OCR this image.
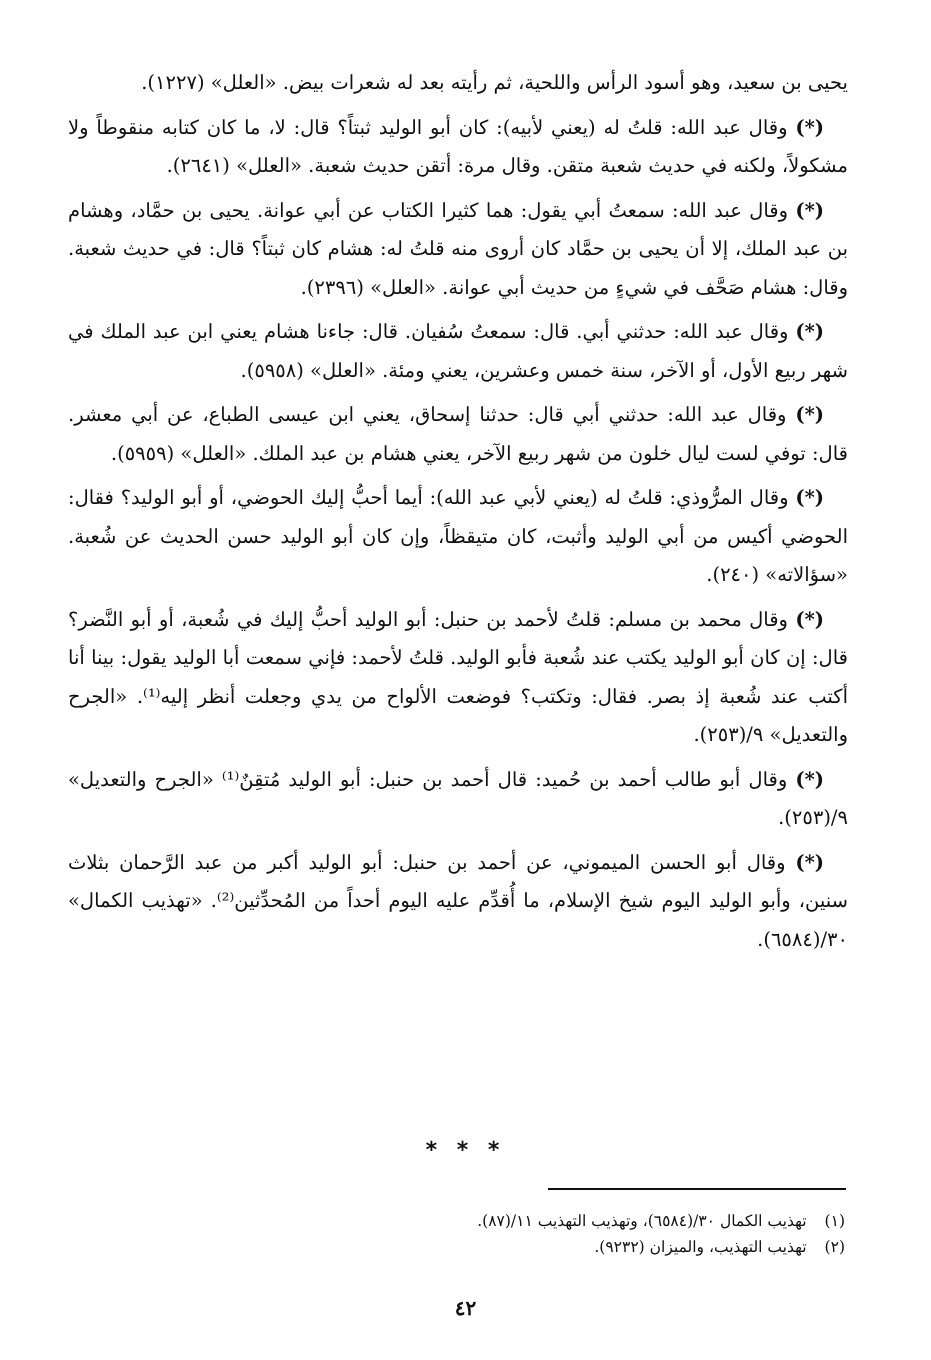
يحيى بن سعيد، وهو أسود الرأس واللحية، ثم رأيته بعد له شعرات بيض. «العلل» (١٢٢٧).

(*) وقال عبد الله: قلتُ له (يعني لأبيه): كان أبو الوليد ثبتاً؟ قال: لا، ما كان كتابه منقوطاً ولا مشكولاً، ولكنه في حديث شعبة متقن. وقال مرة: أتقن حديث شعبة. «العلل» (٢٦٤١).

(*) وقال عبد الله: سمعتُ أبي يقول: هما كثيرا الكتاب عن أبي عوانة. يحيى بن حمَّاد، وهشام بن عبد الملك، إلا أن يحيى بن حمَّاد كان أروى منه قلتُ له: هشام كان ثبتاً؟ قال: في حديث شعبة. وقال: هشام صَحَّف في شيءٍ من حديث أبي عوانة. «العلل» (٢٣٩٦).

(*) وقال عبد الله: حدثني أبي. قال: سمعتُ سُفيان. قال: جاءنا هشام يعني ابن عبد الملك في شهر ربيع الأول، أو الآخر، سنة خمس وعشرين، يعني ومئة. «العلل» (٥٩٥٨).

(*) وقال عبد الله: حدثني أبي قال: حدثنا إسحاق، يعني ابن عيسى الطباع، عن أبي معشر. قال: توفي لست ليال خلون من شهر ربيع الآخر، يعني هشام بن عبد الملك. «العلل» (٥٩٥٩).

(*) وقال المرُّوذي: قلتُ له (يعني لأبي عبد الله): أيما أحبُّ إليك الحوضي، أو أبو الوليد؟ فقال: الحوضي أكيس من أبي الوليد وأثبت، كان متيقظاً، وإن كان أبو الوليد حسن الحديث عن شُعبة. «سؤالاته» (٢٤٠).

(*) وقال محمد بن مسلم: قلتُ لأحمد بن حنبل: أبو الوليد أحبُّ إليك في شُعبة، أو أبو النَّضر؟ قال: إن كان أبو الوليد يكتب عند شُعبة فأبو الوليد. قلتُ لأحمد: فإني سمعت أبا الوليد يقول: بينا أنا أكتب عند شُعبة إذ بصر. فقال: وتكتب؟ فوضعت الألواح من يدي وجعلت أنظر إليه⁽¹⁾. «الجرح والتعديل» ٩/(٢٥٣).

(*) وقال أبو طالب أحمد بن حُميد: قال أحمد بن حنبل: أبو الوليد مُتقِنٌ⁽¹⁾ «الجرح والتعديل» ٩/(٢٥٣).

(*) وقال أبو الحسن الميموني، عن أحمد بن حنبل: أبو الوليد أكبر من عبد الرَّحمان بثلاث سنين، وأبو الوليد اليوم شيخ الإسلام، ما أُقدِّم عليه اليوم أحداً من المُحدِّثين⁽²⁾. «تهذيب الكمال» ٣٠/(٦٥٨٤).

* * *
(١)تهذيب الكمال ٣٠/(٦٥٨٤)، وتهذيب التهذيب ١١/(٨٧).
(٢)تهذيب التهذيب، والميزان (٩٢٣٢).
٤٢
